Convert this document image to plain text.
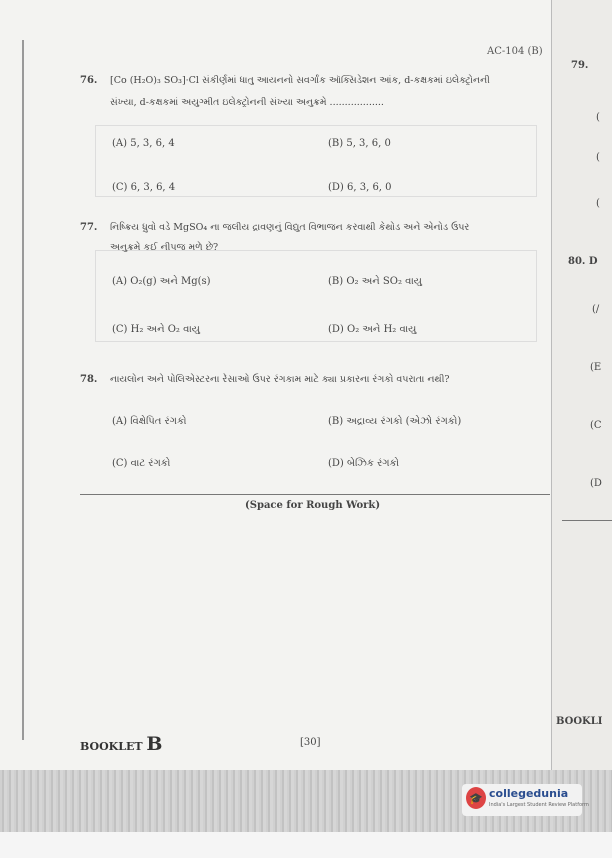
AC-104 (B)
76. [Co (H₂O)₃ SO₃]·Cl સંકીર્ણમાં ધાતુ આયનનો સવર્ગાંક ઑક્સિડેશન આંક, d-કક્ષકમાં ઇલેક્ટ્રોનની
સંખ્યા, d-કક્ષકમાં અયુગ્મીત ઇલેક્ટ્રોનની સંખ્યા અનુક્રમે ..................
(A) 5, 3, 6, 4	(B) 5, 3, 6, 0
(C) 6, 3, 6, 4	(D) 6, 3, 6, 0
77. નિષ્ક્રિય ધ્રુવો વડે MgSO₄ ના જલીય દ્રાવણનું વિદ્યુત વિભાજન કરવાથી કેથોડ અને એનોડ ઉપર
અનુક્રમે કઈ નીપજ મળે છે?
(A) O₂(g) અને Mg(s)	(B) O₂ અને SO₂ વાયુ
(C) H₂ અને O₂ વાયુ	(D) O₂ અને H₂ વાયુ
78. નાયલોન અને પોલિએસ્ટરના રેસાઓ ઉપર રંગકામ માટે ક્યા પ્રકારના રંગકો વપરાતા નથી?
(A) વિક્ષેપિત રંગકો	(B) અદ્રાવ્ય રંગકો (એઝો રંગકો)
(C) વાટ રંગકો	(D) બેઝિક રંગકો
(Space for Rough Work)
BOOKLET B	[30]
79.
(
(
(
80. D
(/
(E
(C
(D
BOOKLI
🎓 collegedunia
India's Largest Student Review Platform
